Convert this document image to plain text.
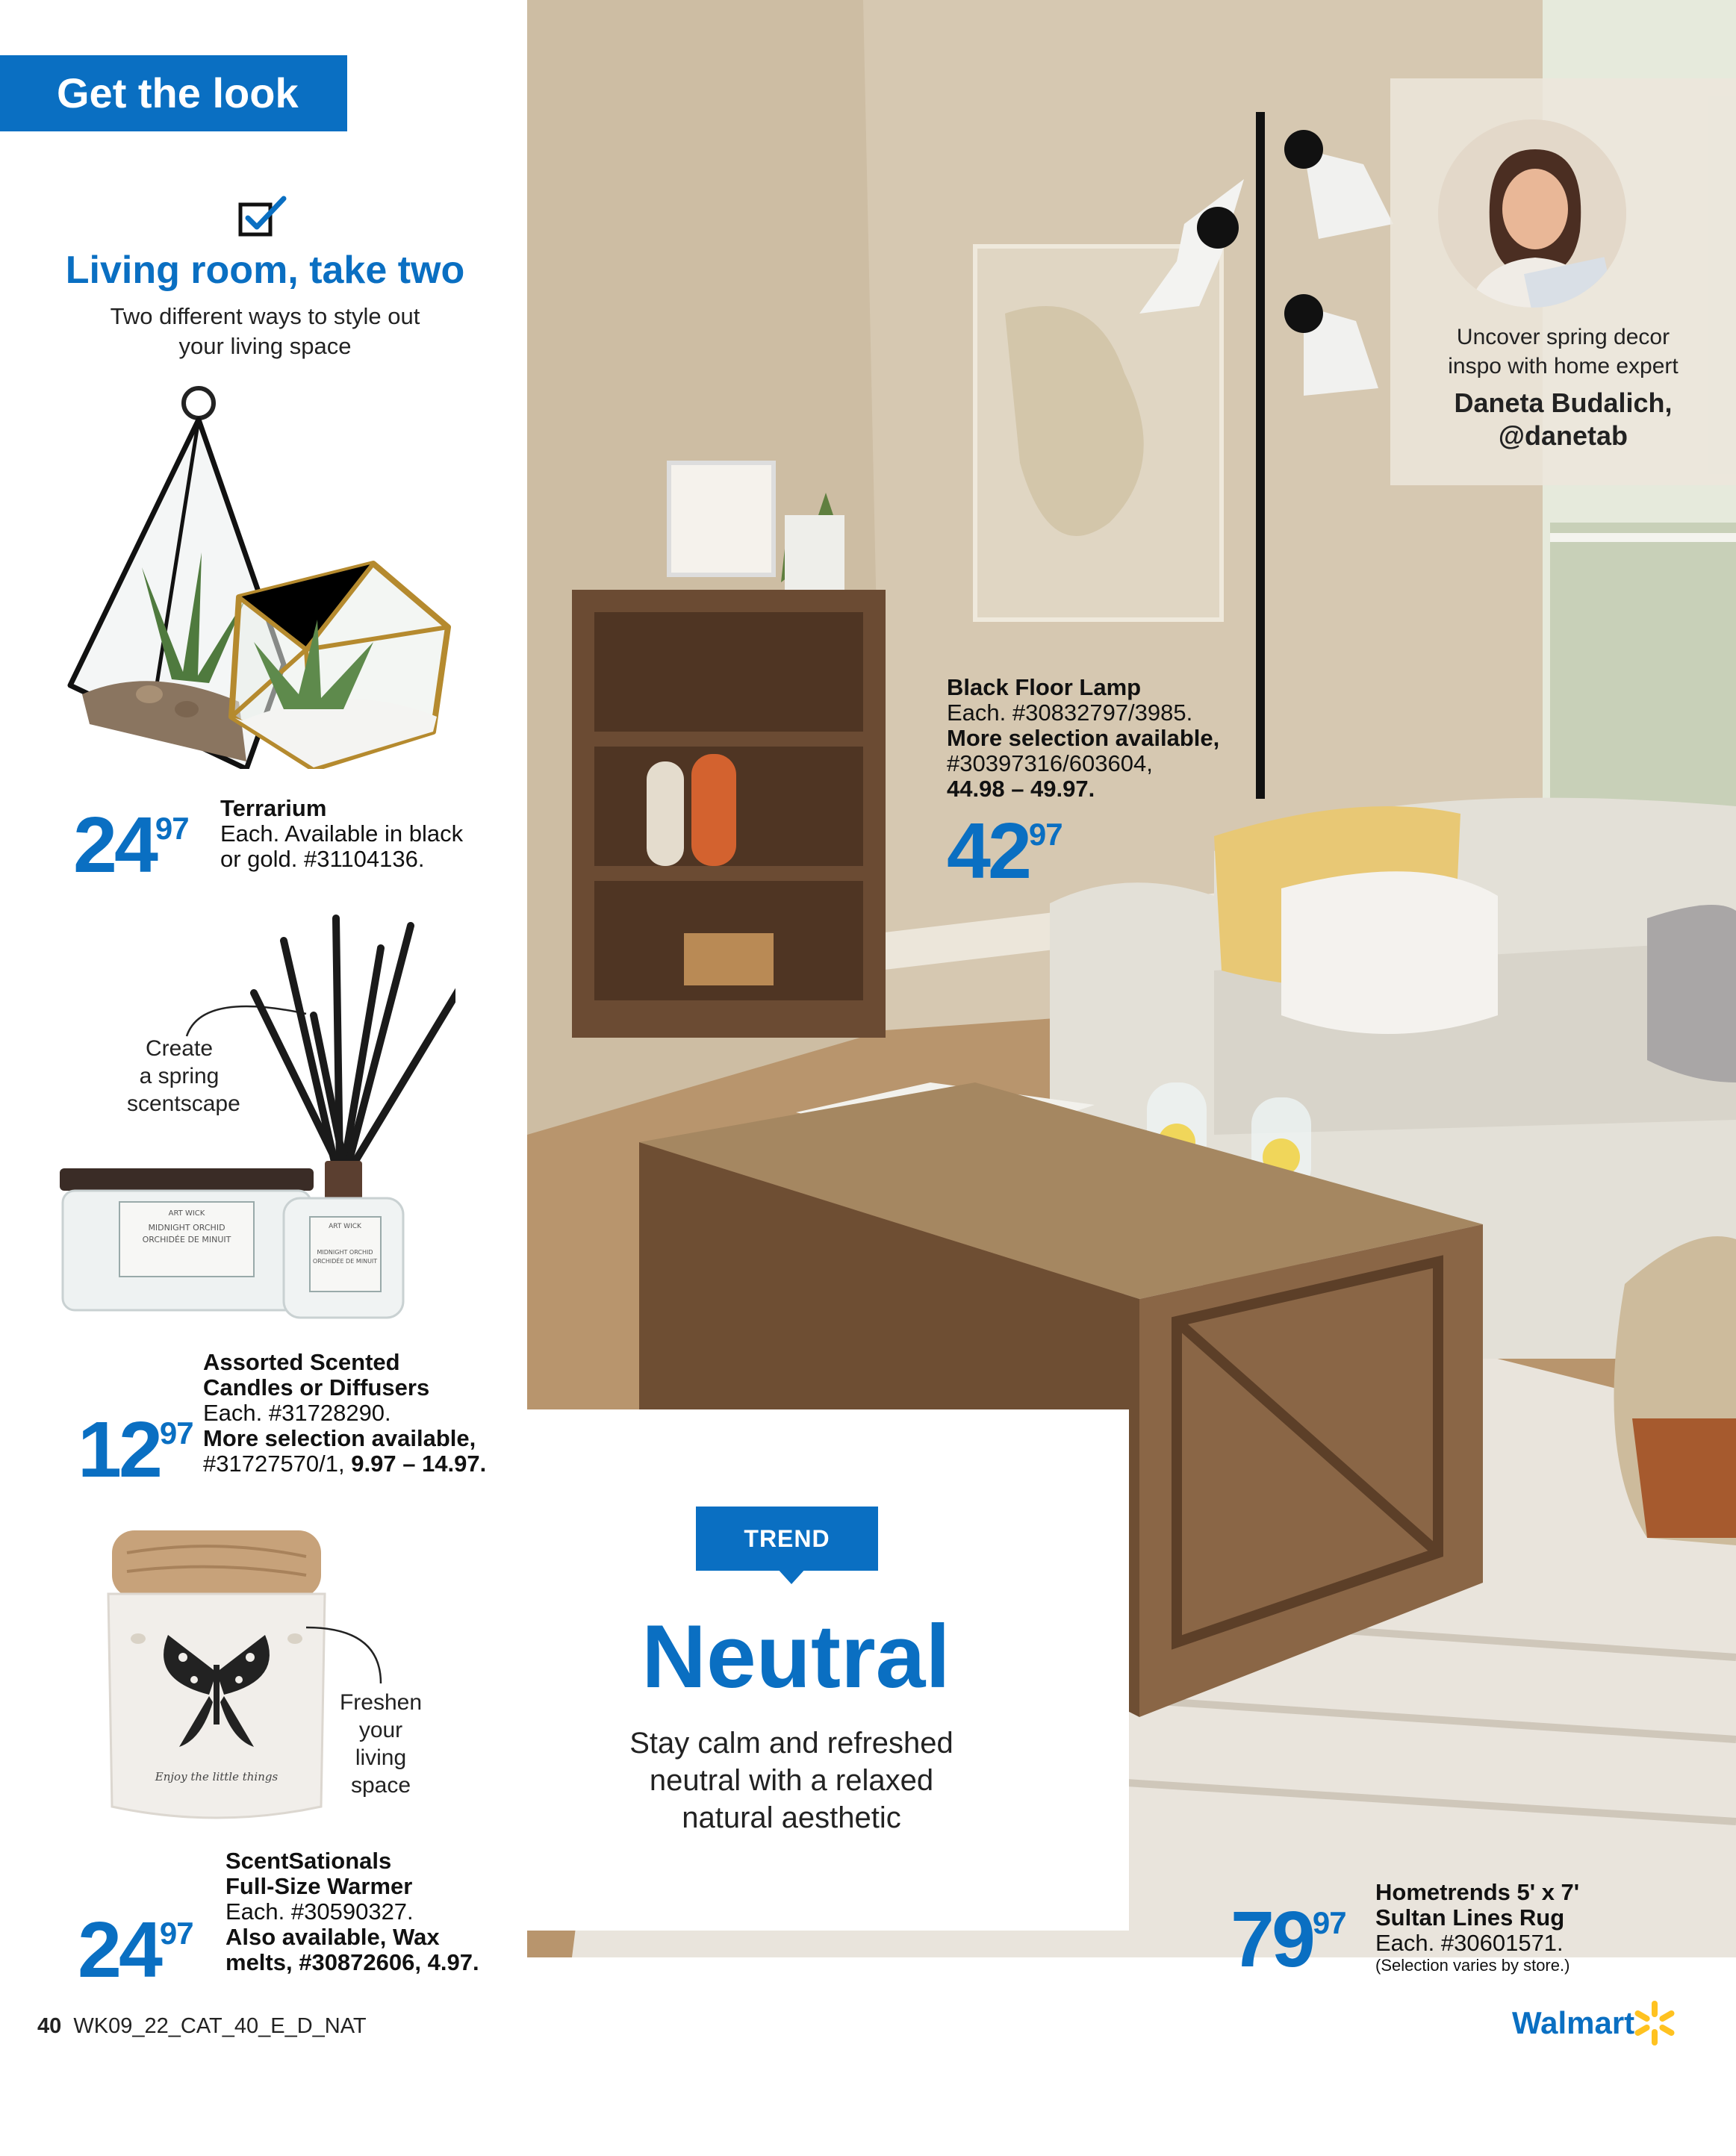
Get the look
Living room, take two
Two different ways to style out
your living space
2497
Terrarium
Each. Available in black
or gold. #31104136.
Create
a spring
scentscape
ART WICK
MIDNIGHT ORCHID
ORCHIDÉE DE MINUIT
ART WICK
MIDNIGHT ORCHID
ORCHIDÉE DE MINUIT
1297
Assorted Scented
Candles or Diffusers
Each. #31728290.
More selection available,
#31727570/1, 9.97 – 14.97.
Enjoy the little things
Freshen
your
living
space
2497
ScentSationals
Full-Size Warmer
Each. #30590327.
Also available, Wax
melts, #30872606, 4.97.
Uncover spring decor
inspo with home expert
Daneta Budalich,
@danetab
Black Floor Lamp
Each. #30832797/3985.
More selection available,
#30397316/603604,
44.98 – 49.97.
4297
TREND
Neutral
Stay calm and refreshed
neutral with a relaxed
natural aesthetic
7997
Hometrends 5' x 7'
Sultan Lines Rug
Each. #30601571.
(Selection varies by store.)
40 WK09_22_CAT_40_E_D_NAT	Walmart
